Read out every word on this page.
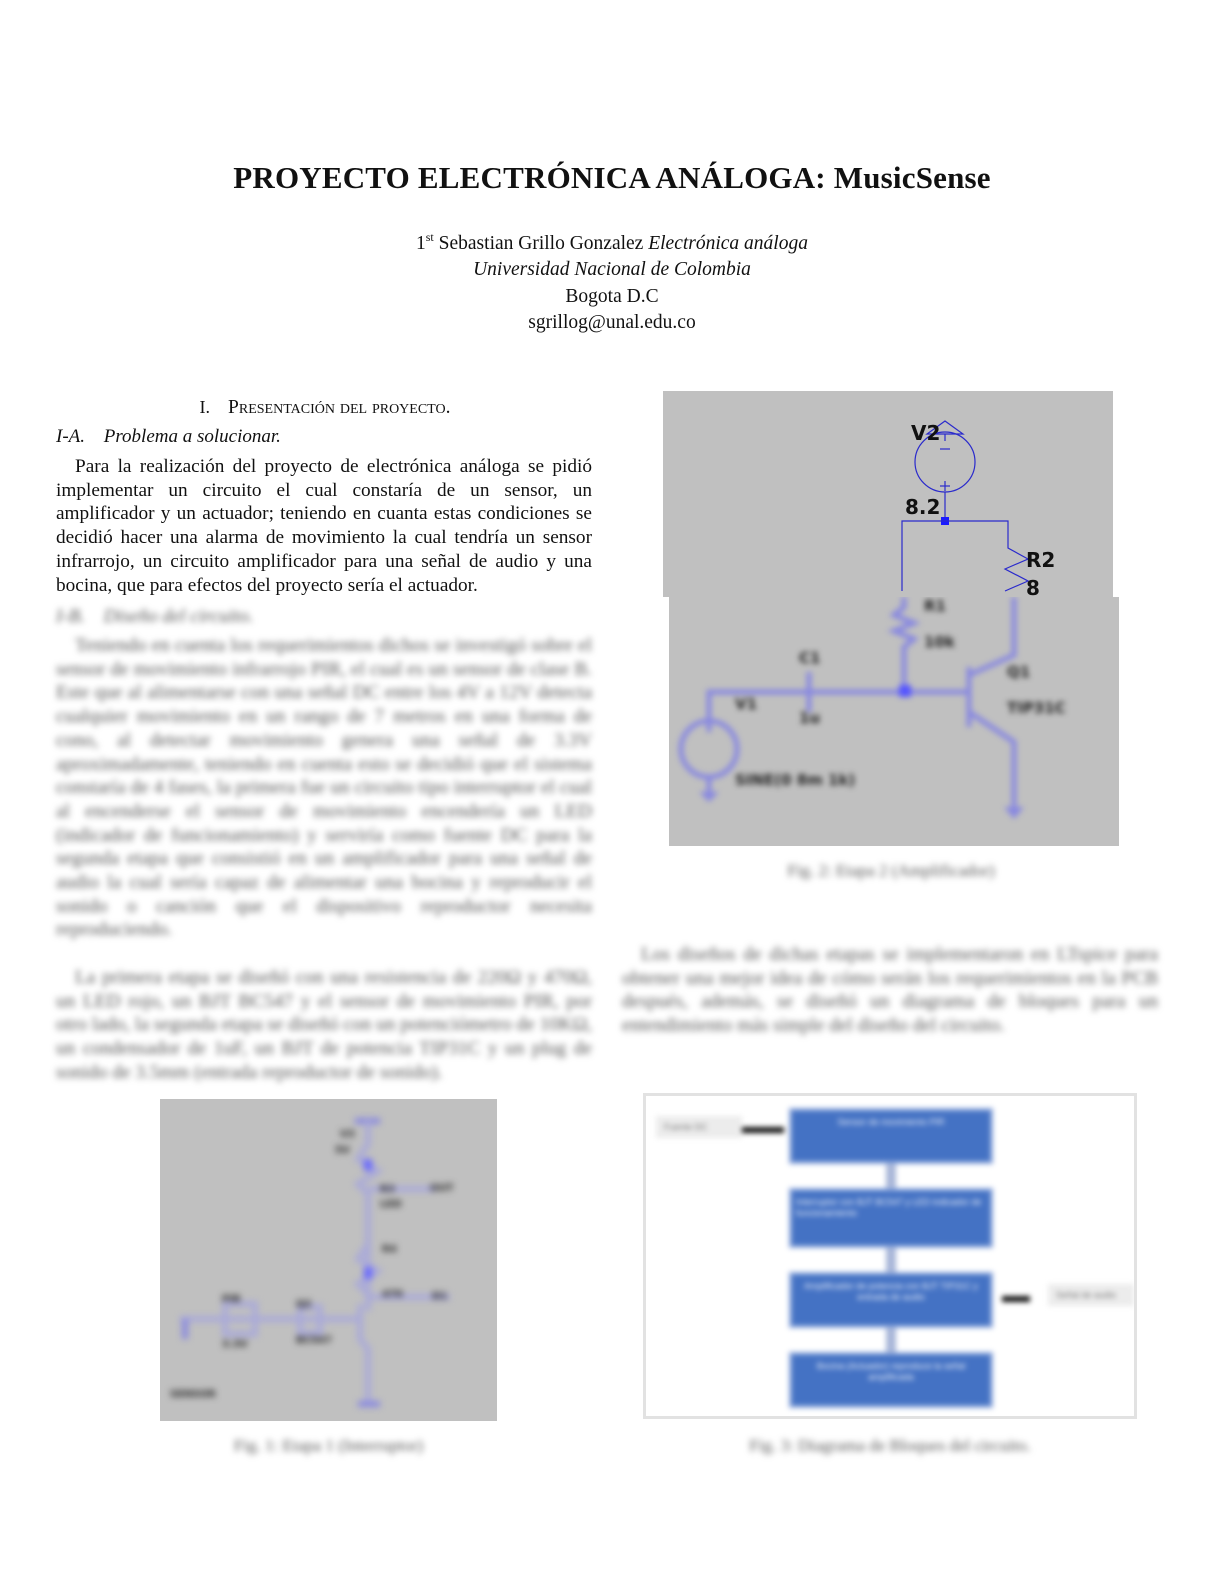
PROYECTO ELECTRÓNICA ANÁLOGA: MusicSense
1st Sebastian Grillo Gonzalez Electrónica análoga
Universidad Nacional de Colombia
Bogota D.C
sgrillog@unal.edu.co
I. Presentación del proyecto.
I-A. Problema a solucionar.

Para la realización del proyecto de electrónica análoga se pidió implementar un circuito el cual constaría de un sensor, un amplificador y un actuador; teniendo en cuanta estas condiciones se decidió hacer una alarma de movimiento la cual tendría un sensor infrarrojo, un circuito amplificador para una señal de audio y una bocina, que para efectos del proyecto sería el actuador.

I-B. Diseño del circuito.

Teniendo en cuenta los requerimientos dichos se investigó sobre el sensor de movimiento infrarrojo PIR, el cual es un sensor de clase B. Este que al alimentarse con una señal DC entre los 4V a 12V detecta cualquier movimiento en un rango de 7 metros en una forma de cono, al detectar movimiento genera una señal de 3.3V aproximadamente, teniendo en cuenta esto se decidió que el sistema constaría de 4 fases, la primera fue un circuito tipo interruptor el cual al encenderse el sensor de movimiento encendería un LED (indicador de funcionamiento) y serviría como fuente DC para la segunda etapa que consistió en un amplificador para una señal de audio la cual sería capaz de alimentar una bocina y reproducir el sonido o canción que el dispositivo reproductor necesita reproduciendo.

La primera etapa se diseñó con una resistencia de 220Ω y 470Ω, un LED rojo, un BJT BC547 y el sensor de movimiento PIR, por otro lado, la segunda etapa se diseñó con un potenciómetro de 10KΩ, un condensador de 1uF, un BJT de potencia TIP31C y un plug de sonido de 3.5mm (entrada reproductor de sonido).

Los diseños de dichas etapas se implementaron en LTspice para obtener una mejor idea de cómo serán los requerimientos en la PCB después, además, se diseñó un diagrama de bloques para un entendimiento más simple del diseño del circuito.

V2
8.2
R2
8
R1
10k
C1
1u
V1
SINE(0 8m 1k)
Q1
TIP31C
Fig. 2: Etapa 2 (Amplificador)
V3
5V
R3
LED
OUT
R4
470	D1
PIR
3.3V
Q2
BC547
SENSOR
Fig. 1: Etapa 1 (Interruptor)
Fuente DC	Sensor de movimiento PIR
Interruptor con BJT BC547 y LED indicador de funcionamiento
Amplificador de potencia con BJT TIP31C y entrada de audio	Señal de audio
Bocina (Actuador) reproduce la señal amplificada
Fig. 3: Diagrama de Bloques del circuito.
